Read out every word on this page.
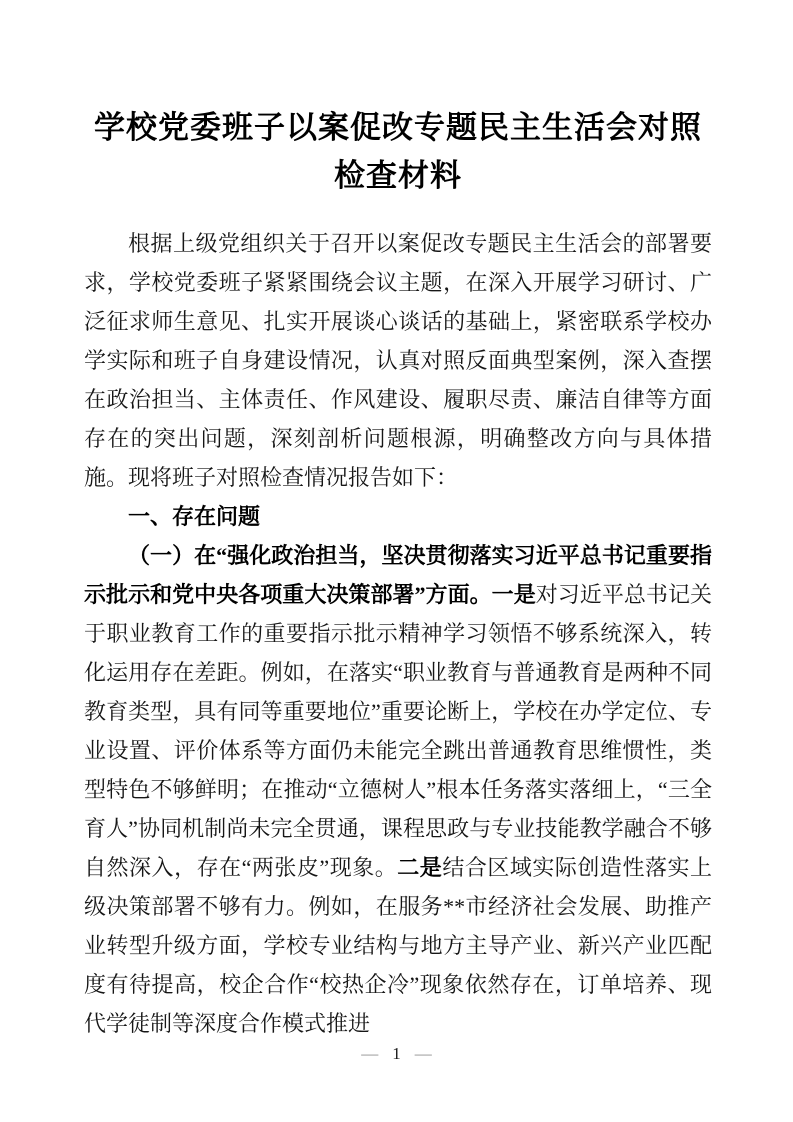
学校党委班子以案促改专题民主生活会对照检查材料

根据上级党组织关于召开以案促改专题民主生活会的部署要求，学校党委班子紧紧围绕会议主题，在深入开展学习研讨、广泛征求师生意见、扎实开展谈心谈话的基础上，紧密联系学校办学实际和班子自身建设情况，认真对照反面典型案例，深入查摆在政治担当、主体责任、作风建设、履职尽责、廉洁自律等方面存在的突出问题，深刻剖析问题根源，明确整改方向与具体措施。现将班子对照检查情况报告如下：

一、存在问题

（一）在“强化政治担当，坚决贯彻落实习近平总书记重要指示批示和党中央各项重大决策部署”方面。一是对习近平总书记关于职业教育工作的重要指示批示精神学习领悟不够系统深入，转化运用存在差距。例如，在落实“职业教育与普通教育是两种不同教育类型，具有同等重要地位”重要论断上，学校在办学定位、专业设置、评价体系等方面仍未能完全跳出普通教育思维惯性，类型特色不够鲜明；在推动“立德树人”根本任务落实落细上，“三全育人”协同机制尚未完全贯通，课程思政与专业技能教学融合不够自然深入，存在“两张皮”现象。二是结合区域实际创造性落实上级决策部署不够有力。例如，在服务**市经济社会发展、助推产业转型升级方面，学校专业结构与地方主导产业、新兴产业匹配度有待提高，校企合作“校热企冷”现象依然存在，订单培养、现代学徒制等深度合作模式推进

— 1 —
